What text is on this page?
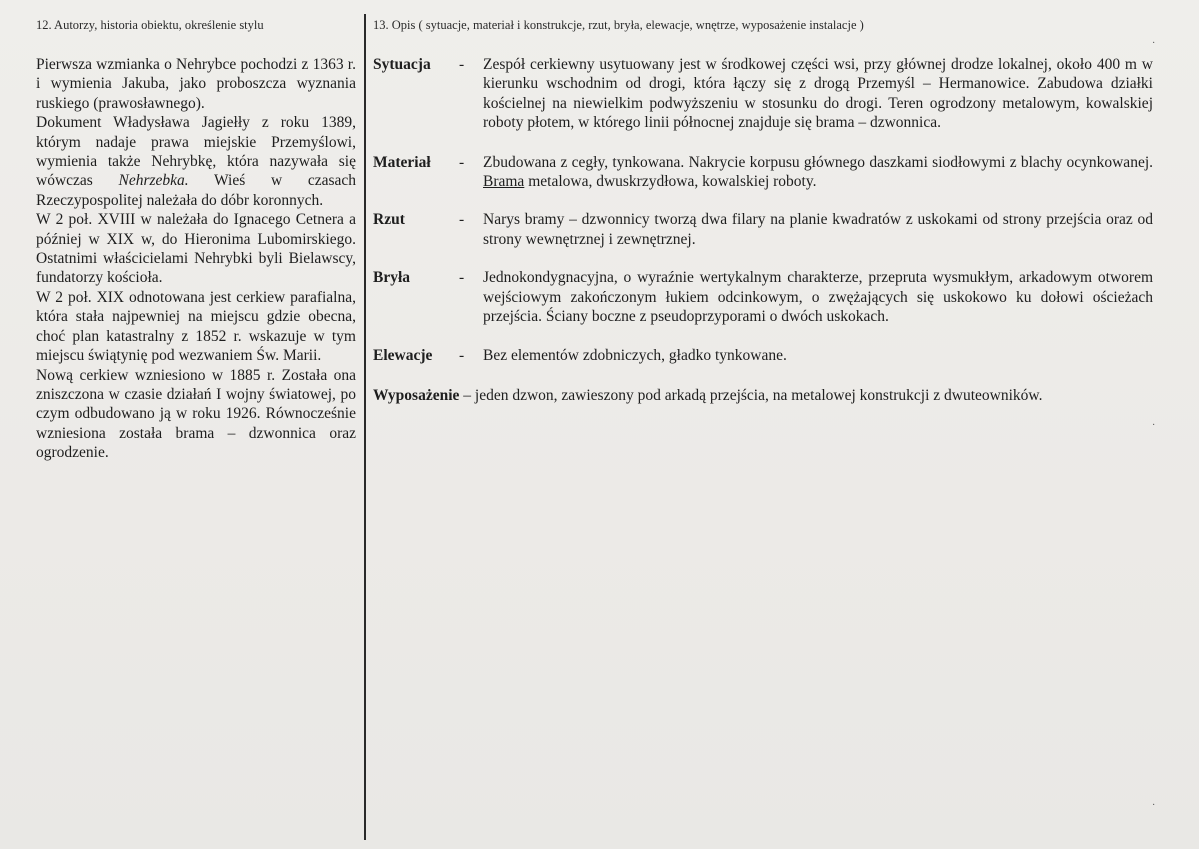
12. Autorzy, historia obiektu, określenie stylu

Pierwsza wzmianka o Nehrybce pochodzi z 1363 r. i wymienia Jakuba, jako proboszcza wyznania ruskiego (prawosławnego).

Dokument Władysława Jagiełły z roku 1389, którym nadaje prawa miejskie Przemyślowi, wymienia także Nehrybkę, która nazywała się wówczas Nehrzebka. Wieś w czasach Rzeczypospolitej należała do dóbr koronnych.

W 2 poł. XVIII w należała do Ignacego Cetnera a później w XIX w, do Hieronima Lubomirskiego. Ostatnimi właścicielami Nehrybki byli Bielawscy, fundatorzy kościoła.

W 2 poł. XIX odnotowana jest cerkiew parafialna, która stała najpewniej na miejscu gdzie obecna, choć plan katastralny z 1852 r. wskazuje w tym miejscu świątynię pod wezwaniem Św. Marii.

Nową cerkiew wzniesiono w 1885 r. Została ona zniszczona w czasie działań I wojny światowej, po czym odbudowano ją w roku 1926. Równocześnie wzniesiona została brama – dzwonnica oraz ogrodzenie.

13. Opis ( sytuacje, materiał i konstrukcje, rzut, bryła, elewacje, wnętrze, wyposażenie instalacje )

Sytuacja	-	Zespół cerkiewny usytuowany jest w środkowej części wsi, przy głównej drodze lokalnej, około 400 m w kierunku wschodnim od drogi, która łączy się z drogą Przemyśl – Hermanowice. Zabudowa działki kościelnej na niewielkim podwyższeniu w stosunku do drogi. Teren ogrodzony metalowym, kowalskiej roboty płotem, w którego linii północnej znajduje się brama – dzwonnica.
Materiał	-	Zbudowana z cegły, tynkowana. Nakrycie korpusu głównego daszkami siodłowymi z blachy ocynkowanej. Brama metalowa, dwuskrzydłowa, kowalskiej roboty.
Rzut	-	Narys bramy – dzwonnicy tworzą dwa filary na planie kwadratów z uskokami od strony przejścia oraz od strony wewnętrznej i zewnętrznej.
Bryła	-	Jednokondygnacyjna, o wyraźnie wertykalnym charakterze, przepruta wysmukłym, arkadowym otworem wejściowym zakończonym łukiem odcinkowym, o zwężających się uskokowo ku dołowi ościeżach przejścia. Ściany boczne z pseudoprzyporami o dwóch uskokach.
Elewacje	-	Bez elementów zdobniczych, gładko tynkowane.
Wyposażenie – jeden dzwon, zawieszony pod arkadą przejścia, na metalowej konstrukcji z dwuteowników.
·
·
·
